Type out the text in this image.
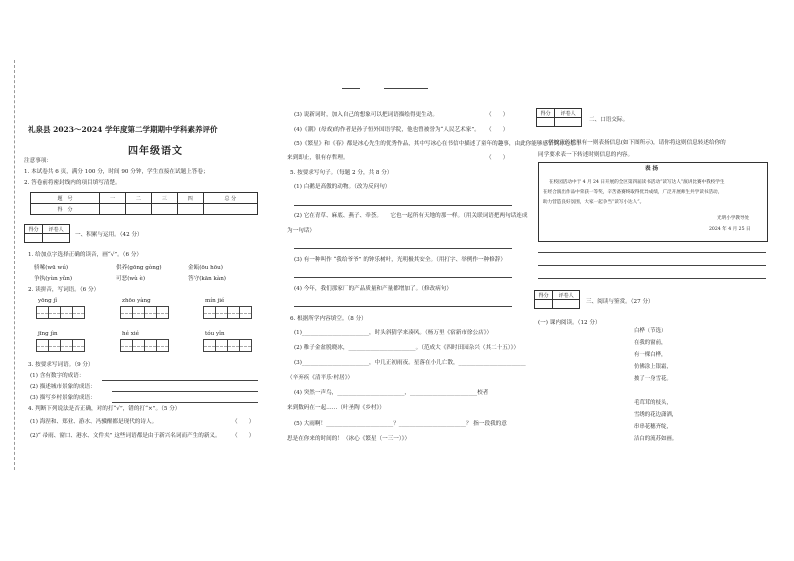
礼泉县 2023～2024 学年度第二学期期中学科素养评价
四年级语文
注意事项：
1. 本试卷共 6 页，满分 100 分，时间 90 分钟，学生直接在试题上答卷；
2. 答卷前将密封线内的项目填写清楚。
题　号	一	二	三	四	总 分
得　分					
得分	评卷人

一、积累与运用。（42 分）
1. 给加点字选择正确的读音，画“√”。（6 分）
骄嗦(wū wú)	供养(gōng gòng)	金瓯(ōu hōu)
争执(yùn yǔn)	可恶(wù è)	答守(kān kàn)
2. 读拼音，写词语。（6 分）
yōng jǐ	zhōo yàng	mín jié
jīng jìn	hé xié	tóu yǐn
3. 按要求写词语。（9 分）
(1) 含有数字的成语：
(2) 描述城市景象的成语：
(3) 描写乡村景象的成语：
4. 判断下列说法是否正确，对的打“√”，错的打“×”。（5 分）
(1) 海涅和、郑业、游水、冯骥醒都是现代的诗人。	（　　）
(2)“ 帚雨、窗口、港水、文件夹” 这些词语都是由于新兴名词而产生的新义。 （　　）
(3) 说新词时，加入自己的想象可以把词语描绘得更生动。	（　　）
(4)《潮》(母戏)的作者是孙子恒外国语学院，他也曾被誉为“人民艺术家”。 （　　）
(5)《繁星》和《春》都是冰心先生的优秀作品，其中写冰心在书信中描述了童年的趣事，由此你能够感悟到冰心那丰
来到即止，很有存哲理。	（　　）
5. 按要求写句子。（每题 2 分，共 8 分）
(1) 白鹅是高傲的动物。（改为反问句）
(2) 它在青草、麻底、燕子、牵荟。　　它也一起所有天地的那一样。（用关联词语把两句话连成
为一句话）
(3) 有一种叫作 “我给爷爷” 的钟乐树叶，光明极其安全。（用打字、举例作一种修辞）
(4) 今年，我们那家厂的产品质量和产量都增加了。（修改病句）
6. 根据所学内容填空。（8 分）
(1)________________________，时头斜猜学来凑风。（杨万里《宿新市徐公店》）
(2) 稚子金盆脱晓冰，________________________。（范成大《四时田园杂兴（其二十五）》）
(3)________________________，中几正初雨夜。星落在小儿亡散，________________________
（辛弃疾《清平乐·村居》）
(4) 突然一声鸟，________________________，________________________校者
来到数码在一起……（叶圣陶《乡村》）
(5) 大雨啊！________________________？________________________？ 指一段我的意
思是在你来的时间的！（冰心《繁星（一三一）》）
得分	评卷人

二、口语交际。
学校宣传栏里有一则表扬信息(如下图所示)，请你将这则信息转述给你的
同学要求表一下转述时则信息的内容。
表 扬
在校园活动中于 4 月 24 日开展的全区第四届读书活动“读写达人”演讲比赛中我校学生
在经合演出作品中荣获一等奖，辛苦备赛终取得优异成绩，广泛开展师生共学读书活动，
助力营造良好氛围，大家一起争当“读写小达人”。
光明小学教导处
2024 年 4 月 25 日
得分	评卷人

三、阅读与鉴赏。（27 分）
(一) 课内阅读。（12 分）
白桦（节选）
在我的窗前，
有一棵白桦，
仿佛涂上银霜，
披了一身雪花。
毛茸茸的枝头，
雪绣的花边潇洒，
串串花穗齐绽，
洁白的流苏如画。
